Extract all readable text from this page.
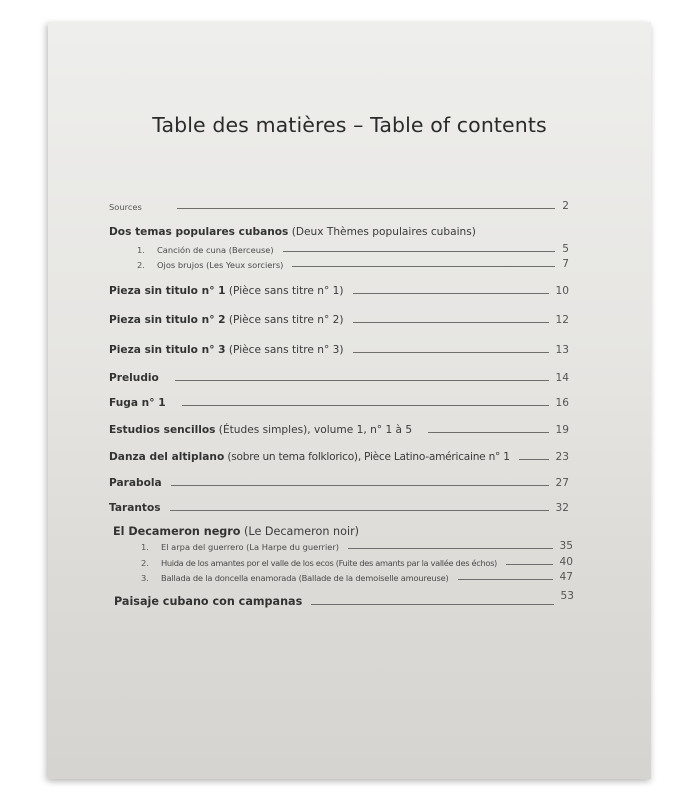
Table des matières – Table of contents
Sources	2
Dos temas populares cubanos (Deux Thèmes populaires cubains)
1.	Canción de cuna (Berceuse)	5
2.	Ojos brujos (Les Yeux sorciers)	7
Pieza sin titulo n° 1 (Pièce sans titre n° 1)	10
Pieza sin titulo n° 2 (Pièce sans titre n° 2)	12
Pieza sin titulo n° 3 (Pièce sans titre n° 3)	13
Preludio	14
Fuga n° 1	16
Estudios sencillos (Études simples), volume 1, n° 1 à 5	19
Danza del altiplano (sobre un tema folklorico), Pièce Latino-américaine n° 1	23
Parabola	27
Tarantos	32
El Decameron negro (Le Decameron noir)
1.	El arpa del guerrero (La Harpe du guerrier)	35
2.	Huida de los amantes por el valle de los ecos (Fuite des amants par la vallée des échos)	40
3.	Ballada de la doncella enamorada (Ballade de la demoiselle amoureuse)	47
Paisaje cubano con campanas	53
